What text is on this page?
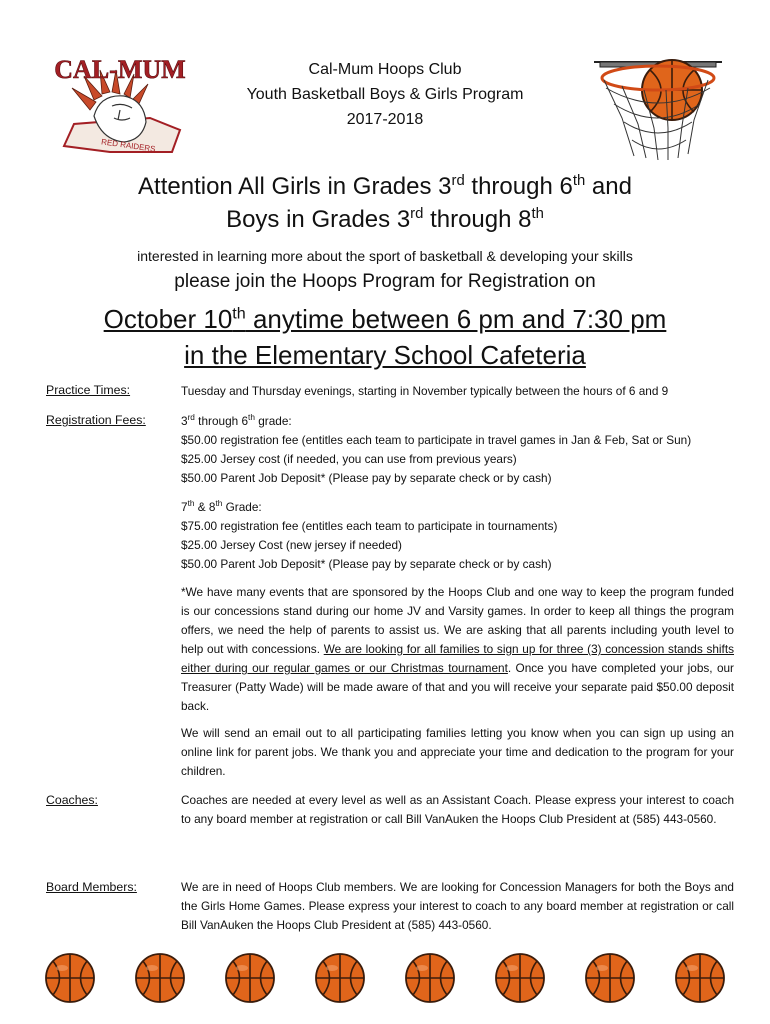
CAL-MUM
RED RAIDERS
Cal-Mum Hoops Club
Youth Basketball Boys & Girls Program
2017-2018
Attention All Girls in Grades 3rd through 6th and
Boys in Grades 3rd through 8th
interested in learning more about the sport of basketball & developing your skills
please join the Hoops Program for Registration on
October 10th anytime between 6 pm and 7:30 pm
in the Elementary School Cafeteria
Practice Times:	Tuesday and Thursday evenings, starting in November typically between the hours of 6 and 9
Registration Fees:	3rd through 6th grade:

$50.00 registration fee (entitles each team to participate in travel games in Jan & Feb, Sat or Sun)

$25.00 Jersey cost (if needed, you can use from previous years)

$50.00 Parent Job Deposit* (Please pay by separate check or by cash)

7th & 8th Grade:

$75.00 registration fee (entitles each team to participate in tournaments)

$25.00 Jersey Cost (new jersey if needed)

$50.00 Parent Job Deposit* (Please pay by separate check or by cash)

*We have many events that are sponsored by the Hoops Club and one way to keep the program funded is our concessions stand during our home JV and Varsity games. In order to keep all things the program offers, we need the help of parents to assist us. We are asking that all parents including youth level to help out with concessions. We are looking for all families to sign up for three (3) concession stands shifts either during our regular games or our Christmas tournament. Once you have completed your jobs, our Treasurer (Patty Wade) will be made aware of that and you will receive your separate paid $50.00 deposit back.
We will send an email out to all participating families letting you know when you can sign up using an online link for parent jobs. We thank you and appreciate your time and dedication to the program for your children.
Coaches:	Coaches are needed at every level as well as an Assistant Coach. Please express your interest to coach to any board member at registration or call Bill VanAuken the Hoops Club President at (585) 443-0560.
Board Members:	We are in need of Hoops Club members. We are looking for Concession Managers for both the Boys and the Girls Home Games. Please express your interest to coach to any board member at registration or call Bill VanAuken the Hoops Club President at (585) 443-0560.
